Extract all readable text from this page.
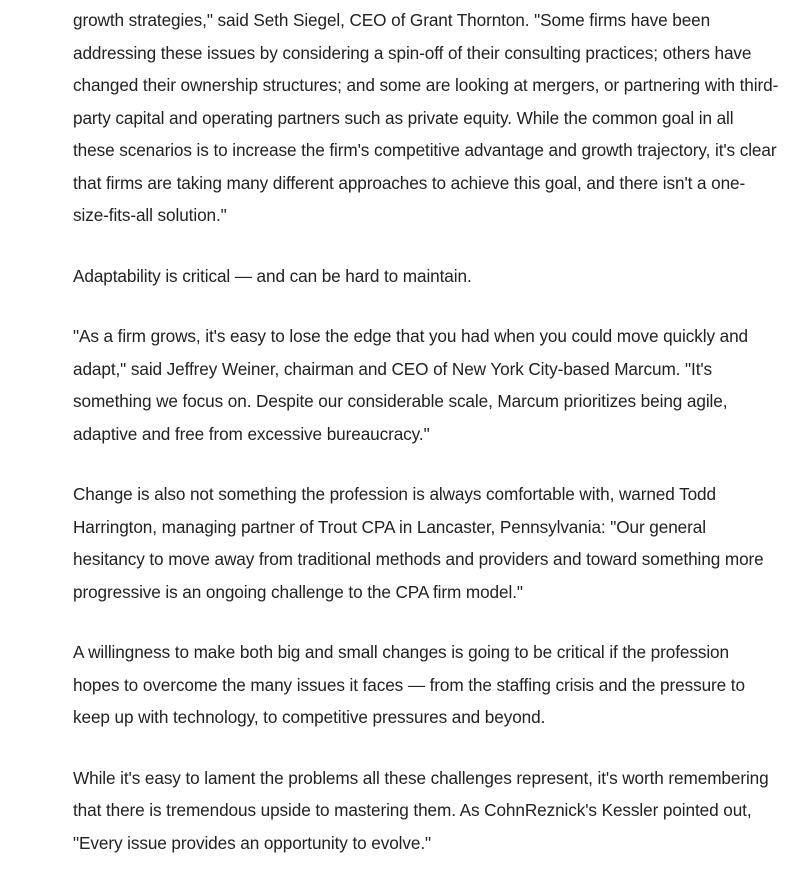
growth strategies," said Seth Siegel, CEO of Grant Thornton. "Some firms have been addressing these issues by considering a spin-off of their consulting practices; others have changed their ownership structures; and some are looking at mergers, or partnering with third-party capital and operating partners such as private equity. While the common goal in all these scenarios is to increase the firm's competitive advantage and growth trajectory, it's clear that firms are taking many different approaches to achieve this goal, and there isn't a one-size-fits-all solution."

Adaptability is critical — and can be hard to maintain.

"As a firm grows, it's easy to lose the edge that you had when you could move quickly and adapt," said Jeffrey Weiner, chairman and CEO of New York City-based Marcum. "It's something we focus on. Despite our considerable scale, Marcum prioritizes being agile, adaptive and free from excessive bureaucracy."

Change is also not something the profession is always comfortable with, warned Todd Harrington, managing partner of Trout CPA in Lancaster, Pennsylvania: "Our general hesitancy to move away from traditional methods and providers and toward something more progressive is an ongoing challenge to the CPA firm model."

A willingness to make both big and small changes is going to be critical if the profession hopes to overcome the many issues it faces — from the staffing crisis and the pressure to keep up with technology, to competitive pressures and beyond.

While it's easy to lament the problems all these challenges represent, it's worth remembering that there is tremendous upside to mastering them. As CohnReznick's Kessler pointed out, "Every issue provides an opportunity to evolve."
